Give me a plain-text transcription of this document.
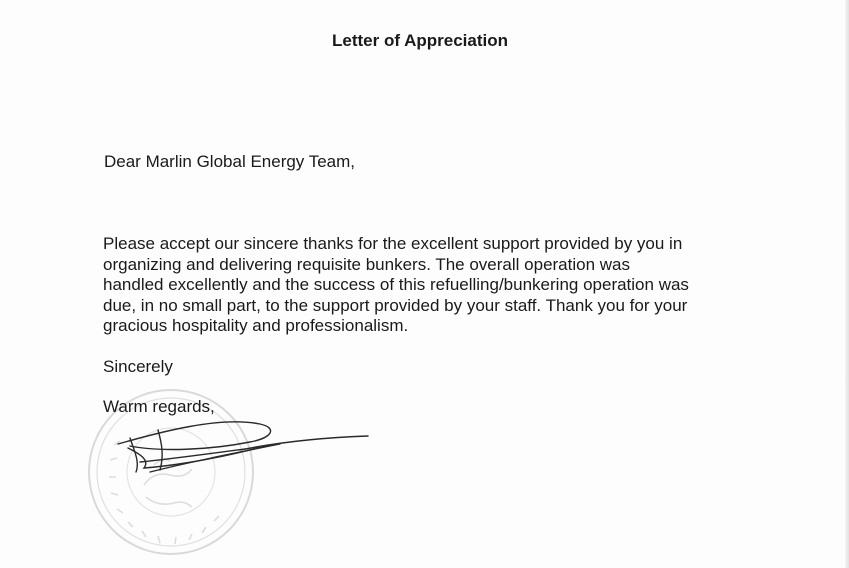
Letter of Appreciation
Dear Marlin Global Energy Team,
Please accept our sincere thanks for the excellent support provided by you in
organizing and delivering requisite bunkers. The overall operation was
handled excellently and the success of this refuelling/bunkering operation was
due, in no small part, to the support provided by your staff. Thank you for your
gracious hospitality and professionalism.
Sincerely
Warm regards,
